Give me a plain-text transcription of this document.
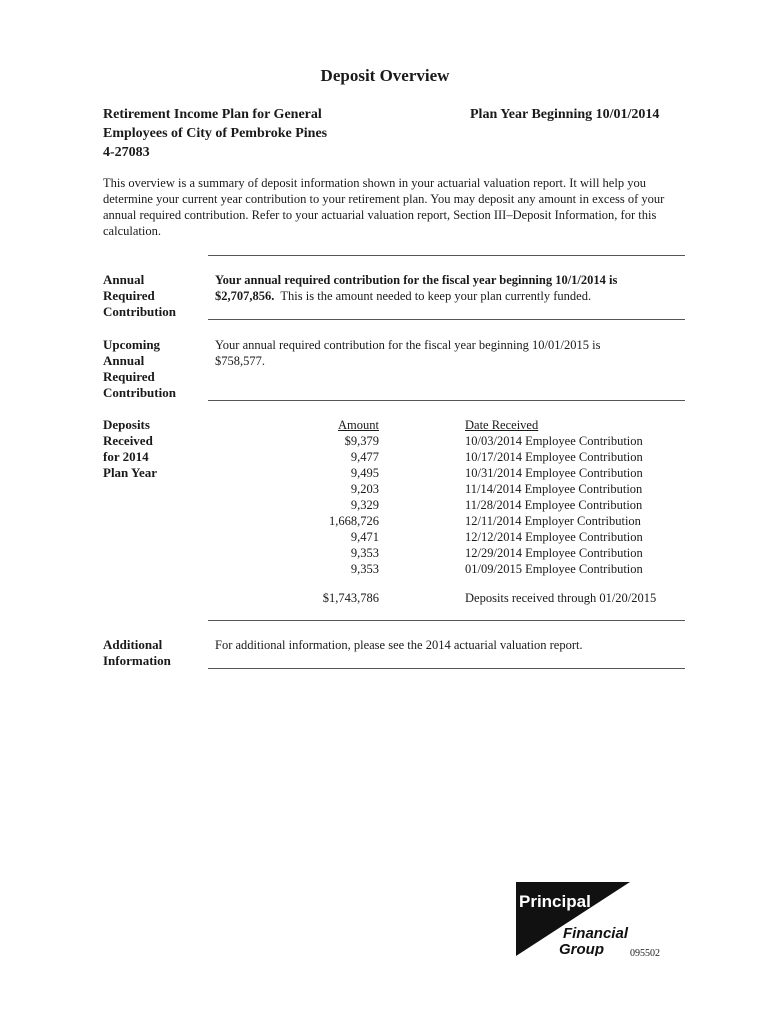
Deposit Overview
Retirement Income Plan for General
Employees of City of Pembroke Pines
4-27083
Plan Year Beginning 10/01/2014
This overview is a summary of deposit information shown in your actuarial valuation report. It will help you determine your current year contribution to your retirement plan. You may deposit any amount in excess of your annual required contribution. Refer to your actuarial valuation report, Section III–Deposit Information, for this calculation.
Annual
Required
Contribution
Your annual required contribution for the fiscal year beginning 10/1/2014 is $2,707,856. This is the amount needed to keep your plan currently funded.
Upcoming
Annual
Required
Contribution
Your annual required contribution for the fiscal year beginning 10/01/2015 is $758,577.
Deposits
Received
for 2014
Plan Year
Amount
$9,379
9,477
9,495
9,203
9,329
1,668,726
9,471
9,353
9,353
Date Received
10/03/2014 Employee Contribution
10/17/2014 Employee Contribution
10/31/2014 Employee Contribution
11/14/2014 Employee Contribution
11/28/2014 Employee Contribution
12/11/2014 Employer Contribution
12/12/2014 Employee Contribution
12/29/2014 Employee Contribution
01/09/2015 Employee Contribution
$1,743,786	Deposits received through 01/20/2015
Additional
Information
For additional information, please see the 2014 actuarial valuation report.
Principal
Financial
Group	095502
